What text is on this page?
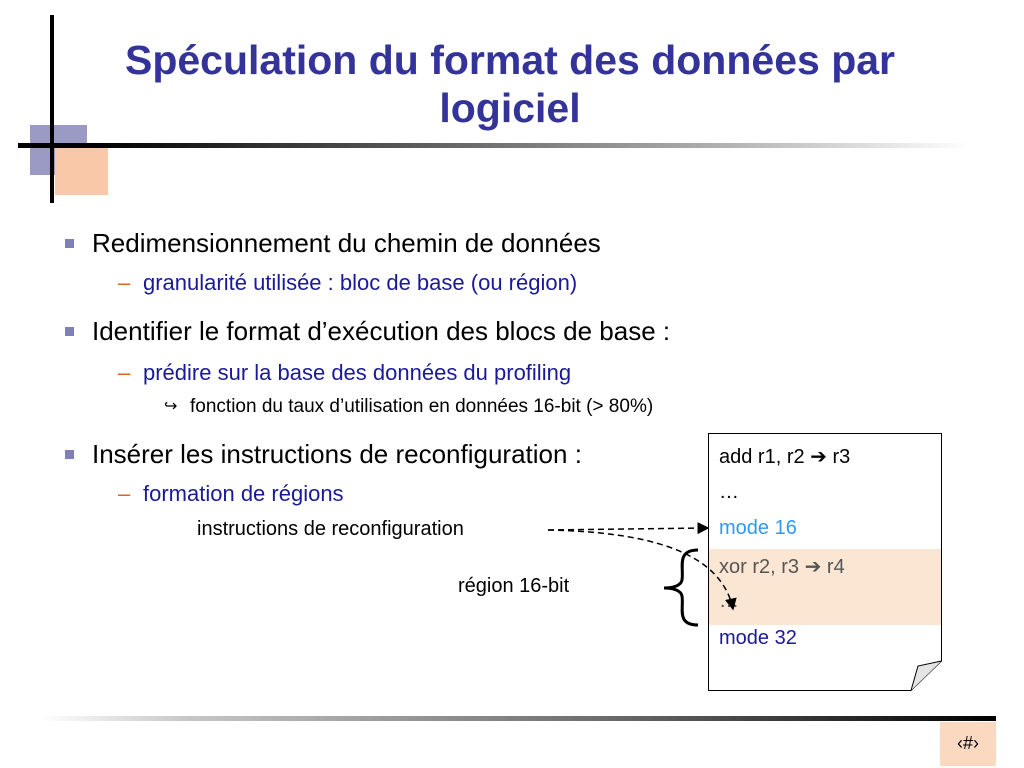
‹#›
Spéculation du format des données par
logiciel
Redimensionnement du chemin de données
– granularité utilisée : bloc de base (ou région)
Identifier le format d’exécution des blocs de base :
– prédire sur la base des données du profiling
↪ fonction du taux d’utilisation en données 16-bit (> 80%)
Insérer les instructions de reconfiguration :
– formation de régions
instructions de reconfiguration
région 16-bit
add r1, r2 ➔ r3
…
mode 16
xor r2, r3 ➔ r4
…
mode 32
